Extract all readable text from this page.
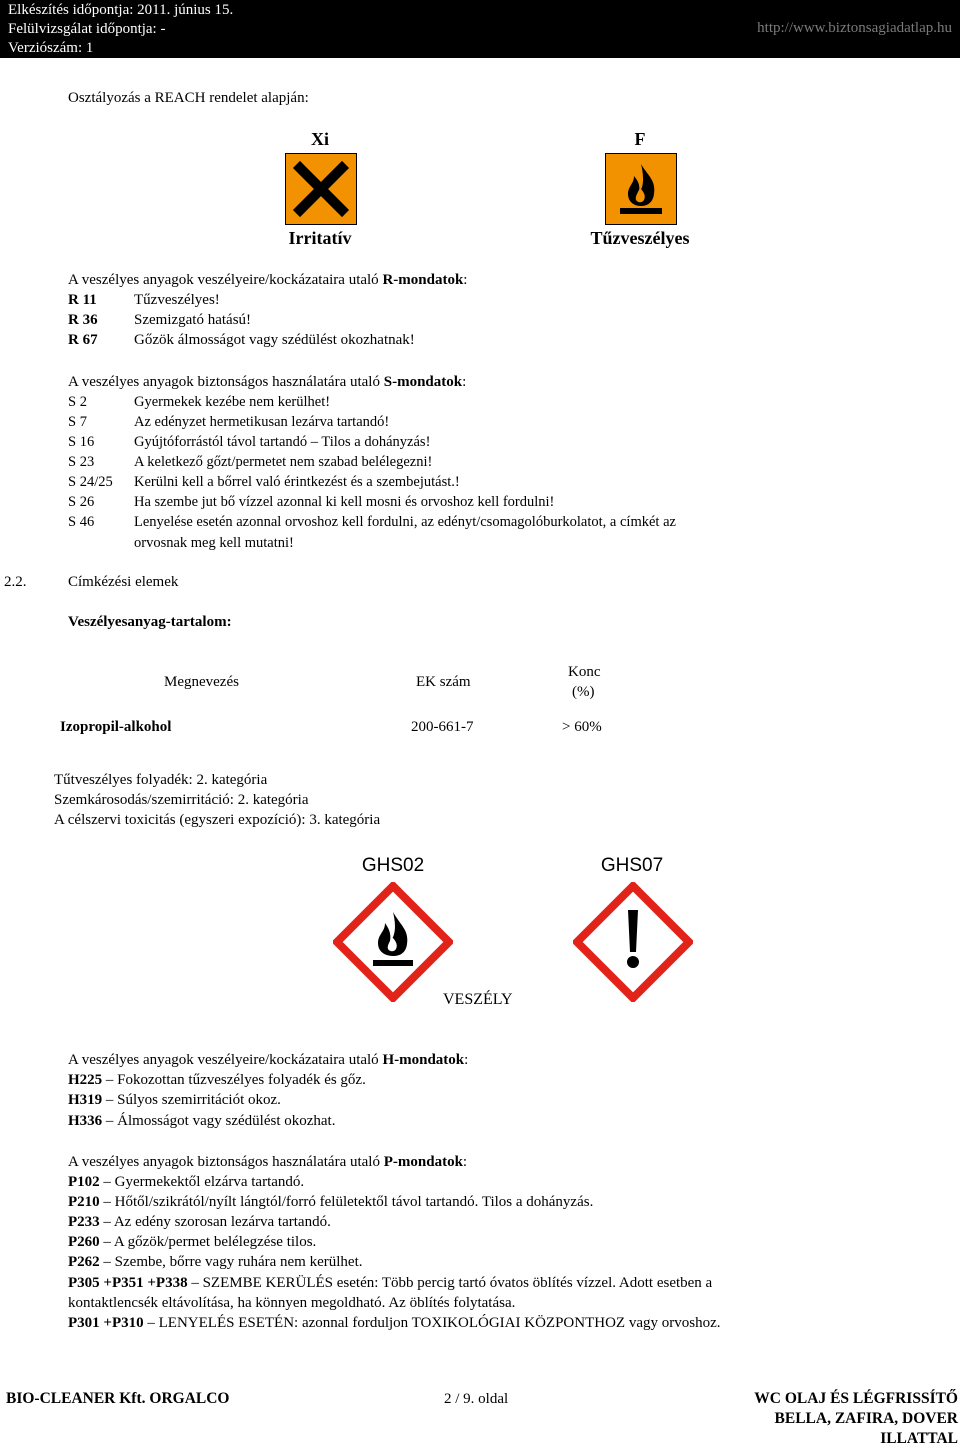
Elkészítés időpontja: 2011. június 15.
Felülvizsgálat időpontja: -
Verziószám: 1
http://www.biztonsagiadatlap.hu
Osztályozás a REACH rendelet alapján:
Xi
Irritatív
F
Tűzveszélyes
A veszélyes anyagok veszélyeire/kockázataira utaló R-mondatok:
R 11 Tűzveszélyes!
R 36 Szemizgató hatású!
R 67 Gőzök álmosságot vagy szédülést okozhatnak!
A veszélyes anyagok biztonságos használatára utaló S-mondatok:
S 2	Gyermekek kezébe nem kerülhet!
S 7	Az edényzet hermetikusan lezárva tartandó!
S 16	Gyújtóforrástól távol tartandó – Tilos a dohányzás!
S 23	A keletkező gőzt/permetet nem szabad belélegezni!
S 24/25 Kerülni kell a bőrrel való érintkezést és a szembejutást.!
S 26	Ha szembe jut bő vízzel azonnal ki kell mosni és orvoshoz kell fordulni!
S 46	Lenyelése esetén azonnal orvoshoz kell fordulni, az edényt/csomagolóburkolatot, a címkét az
orvosnak meg kell mutatni!
2.2.	Címkézési elemek
Veszélyesanyag-tartalom:
Megnevezés	EK szám
Konc
(%)
Izopropil-alkohol	200-661-7	> 60%
Tűtveszélyes folyadék: 2. kategória
Szemkárosodás/szemirritáció: 2. kategória
A célszervi toxicitás (egyszeri expozíció): 3. kategória
GHS02	GHS07
VESZÉLY
A veszélyes anyagok veszélyeire/kockázataira utaló H-mondatok:
H225 – Fokozottan tűzveszélyes folyadék és gőz.
H319 – Súlyos szemirritációt okoz.
H336 – Álmosságot vagy szédülést okozhat.
A veszélyes anyagok biztonságos használatára utaló P-mondatok:
P102 – Gyermekektől elzárva tartandó.
P210 – Hőtől/szikrától/nyílt lángtól/forró felületektől távol tartandó. Tilos a dohányzás.
P233 – Az edény szorosan lezárva tartandó.
P260 – A gőzök/permet belélegzése tilos.
P262 – Szembe, bőrre vagy ruhára nem kerülhet.
P305 +P351 +P338 – SZEMBE KERÜLÉS esetén: Több percig tartó óvatos öblítés vízzel. Adott esetben a
kontaktlencsék eltávolítása, ha könnyen megoldható. Az öblítés folytatása.
P301 +P310 – LENYELÉS ESETÉN: azonnal forduljon TOXIKOLÓGIAI KÖZPONTHOZ vagy orvoshoz.
BIO-CLEANER Kft. ORGALCO	2 / 9. oldal	WC OLAJ ÉS LÉGFRISSÍTŐ
BELLA, ZAFIRA, DOVER
ILLATTAL
